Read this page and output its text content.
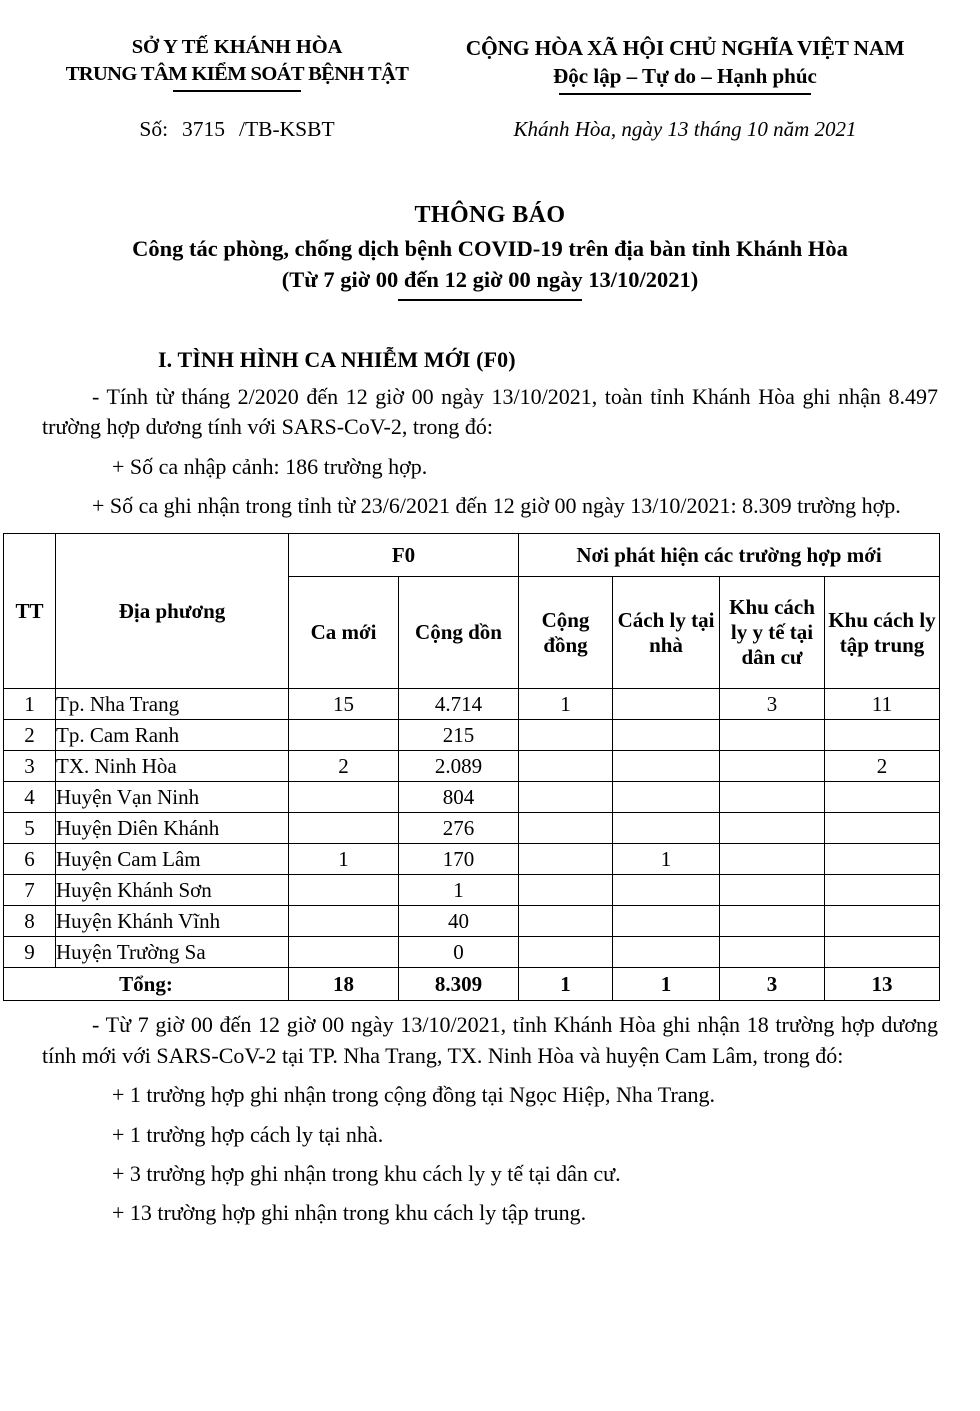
SỞ Y TẾ KHÁNH HÒA
TRUNG TÂM KIỂM SOÁT BỆNH TẬT
CỘNG HÒA XÃ HỘI CHỦ NGHĨA VIỆT NAM
Độc lập – Tự do – Hạnh phúc
Số: 3715 /TB-KSBT	Khánh Hòa, ngày 13 tháng 10 năm 2021
THÔNG BÁO
Công tác phòng, chống dịch bệnh COVID-19 trên địa bàn tỉnh Khánh Hòa
(Từ 7 giờ 00 đến 12 giờ 00 ngày 13/10/2021)
I. TÌNH HÌNH CA NHIỄM MỚI (F0)

- Tính từ tháng 2/2020 đến 12 giờ 00 ngày 13/10/2021, toàn tỉnh Khánh Hòa ghi nhận 8.497 trường hợp dương tính với SARS-CoV-2, trong đó:

+ Số ca nhập cảnh: 186 trường hợp.

+ Số ca ghi nhận trong tỉnh từ 23/6/2021 đến 12 giờ 00 ngày 13/10/2021: 8.309 trường hợp.

TT	Địa phương	F0		Nơi phát hiện các trường hợp mới			
		Ca mới	Cộng dồn	Cộng đồng	Cách ly tại nhà	Khu cách ly y tế tại dân cư	Khu cách ly tập trung
1	Tp. Nha Trang	15	4.714	1		3	11
2	Tp. Cam Ranh		215				
3	TX. Ninh Hòa	2	2.089				2
4	Huyện Vạn Ninh		804				
5	Huyện Diên Khánh		276				
6	Huyện Cam Lâm	1	170		1		
7	Huyện Khánh Sơn		1				
8	Huyện Khánh Vĩnh		40				
9	Huyện Trường Sa		0				
Tổng:		18	8.309	1	1	3	13

- Từ 7 giờ 00 đến 12 giờ 00 ngày 13/10/2021, tỉnh Khánh Hòa ghi nhận 18 trường hợp dương tính mới với SARS-CoV-2 tại TP. Nha Trang, TX. Ninh Hòa và huyện Cam Lâm, trong đó:

+ 1 trường hợp ghi nhận trong cộng đồng tại Ngọc Hiệp, Nha Trang.

+ 1 trường hợp cách ly tại nhà.

+ 3 trường hợp ghi nhận trong khu cách ly y tế tại dân cư.

+ 13 trường hợp ghi nhận trong khu cách ly tập trung.
